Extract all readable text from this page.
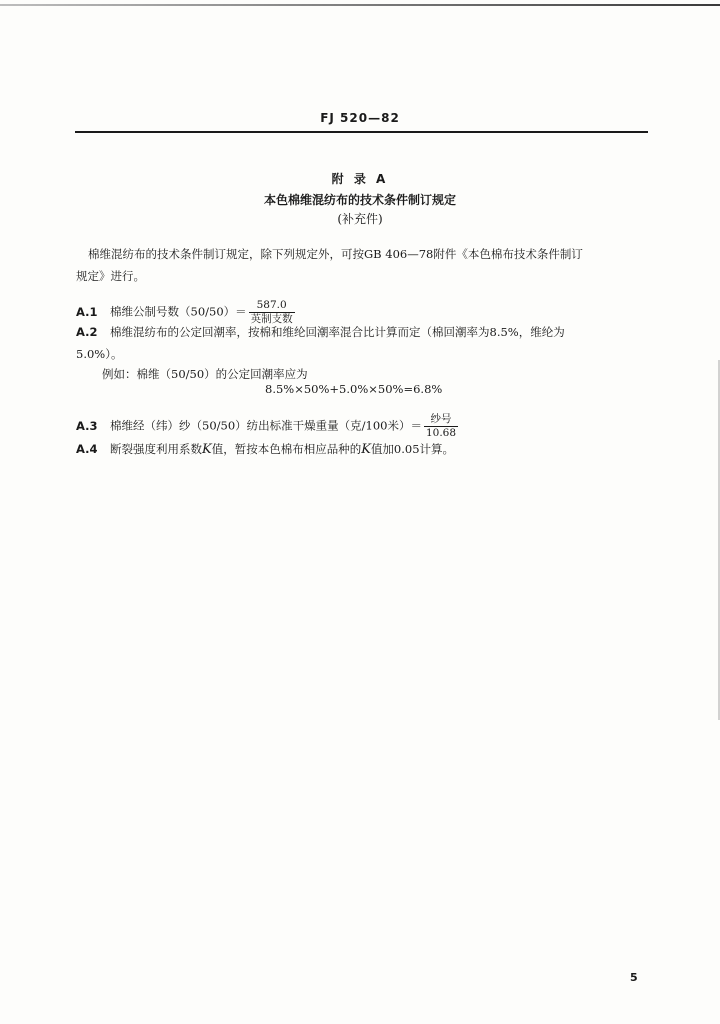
FJ 520—82
附 录 A
本色棉维混纺布的技术条件制订规定
(补充件)
棉维混纺布的技术条件制订规定，除下列规定外，可按GB 406—78附件《本色棉布技术条件制订
规定》进行。
A.1 棉维公制号数$(50/50)= \frac{587.0}{\text{英制支数}}$
A.2 棉维混纺布的公定回潮率，按棉和维纶回潮率混合比计算而定（棉回潮率为8.5%，维纶为
5.0%）。
例如：棉维（50/50）的公定回潮率应为
8.5%×50%+5.0%×50%=6.8%
A.3 棉维经（纬）纱（50/50）纺出标准干燥重量（克/100米）＝ $\frac{\text{纱号}}{10.68}$
A.4 断裂强度利用系数K值，暂按本色棉布相应品种的K值加0.05计算。
5
